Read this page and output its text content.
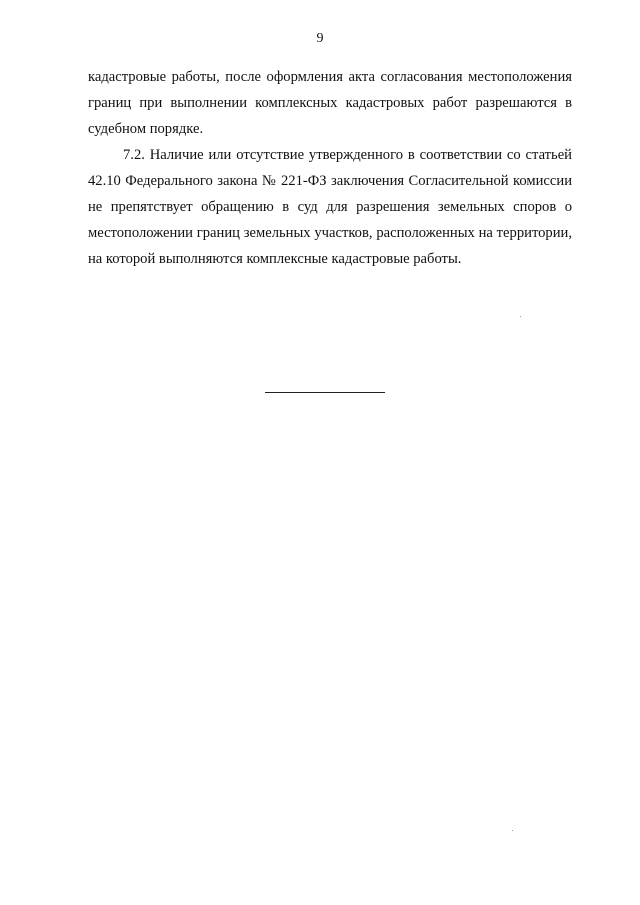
9

кадастровые работы, после оформления акта согласования местоположения границ при выполнении комплексных кадастровых работ разрешаются в судебном порядке.

7.2. Наличие или отсутствие утвержденного в соответствии со статьей 42.10 Федерального закона № 221-ФЗ заключения Согласительной комиссии не препятствует обращению в суд для разрешения земельных споров о местоположении границ земельных участков, расположенных на территории, на которой выполняются комплексные кадастровые работы.
